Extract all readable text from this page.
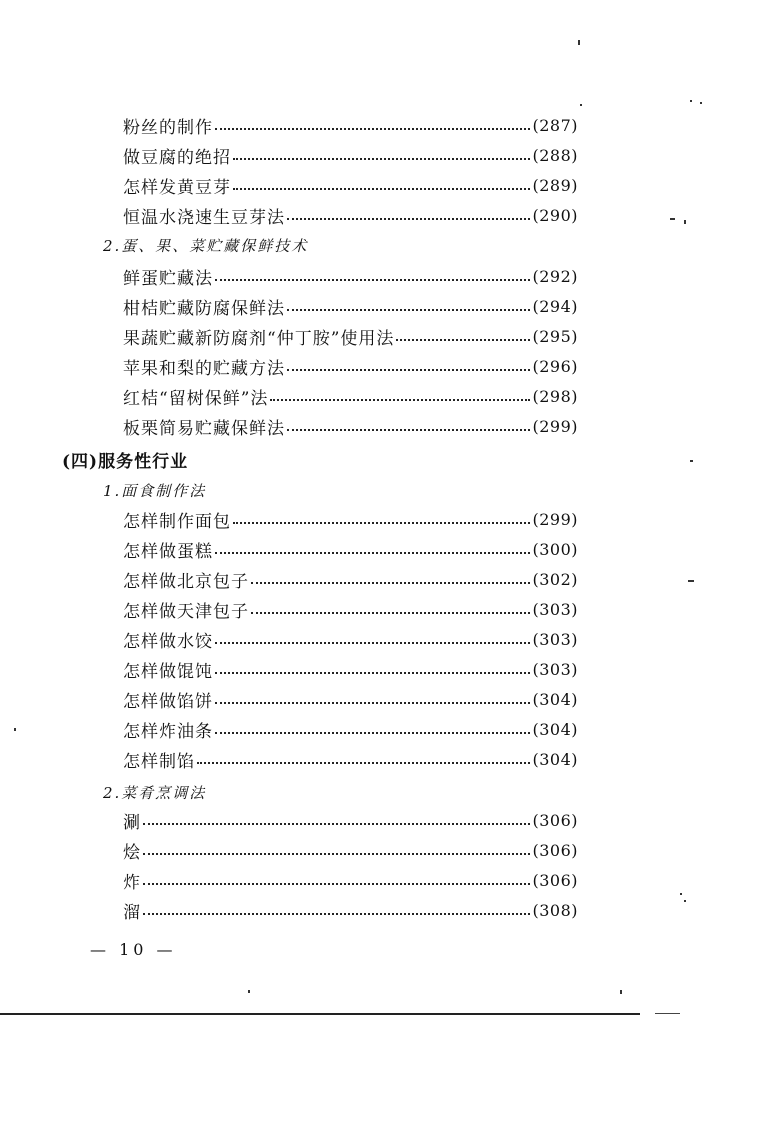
粉丝的制作	(287)
做豆腐的绝招	(288)
怎样发黄豆芽	(289)
恒温水浇速生豆芽法	(290)
2.蛋、果、菜贮藏保鲜技术
鲜蛋贮藏法	(292)
柑桔贮藏防腐保鲜法	(294)
果蔬贮藏新防腐剂“仲丁胺”使用法	(295)
苹果和梨的贮藏方法	(296)
红桔“留树保鲜”法	(298)
板栗简易贮藏保鲜法	(299)
(四)服务性行业
1.面食制作法
怎样制作面包	(299)
怎样做蛋糕	(300)
怎样做北京包子	(302)
怎样做天津包子	(303)
怎样做水饺	(303)
怎样做馄饨	(303)
怎样做馅饼	(304)
怎样炸油条	(304)
怎样制馅	(304)
2.菜肴烹调法
涮	(306)
烩	(306)
炸	(306)
溜	(308)
— 10 —
